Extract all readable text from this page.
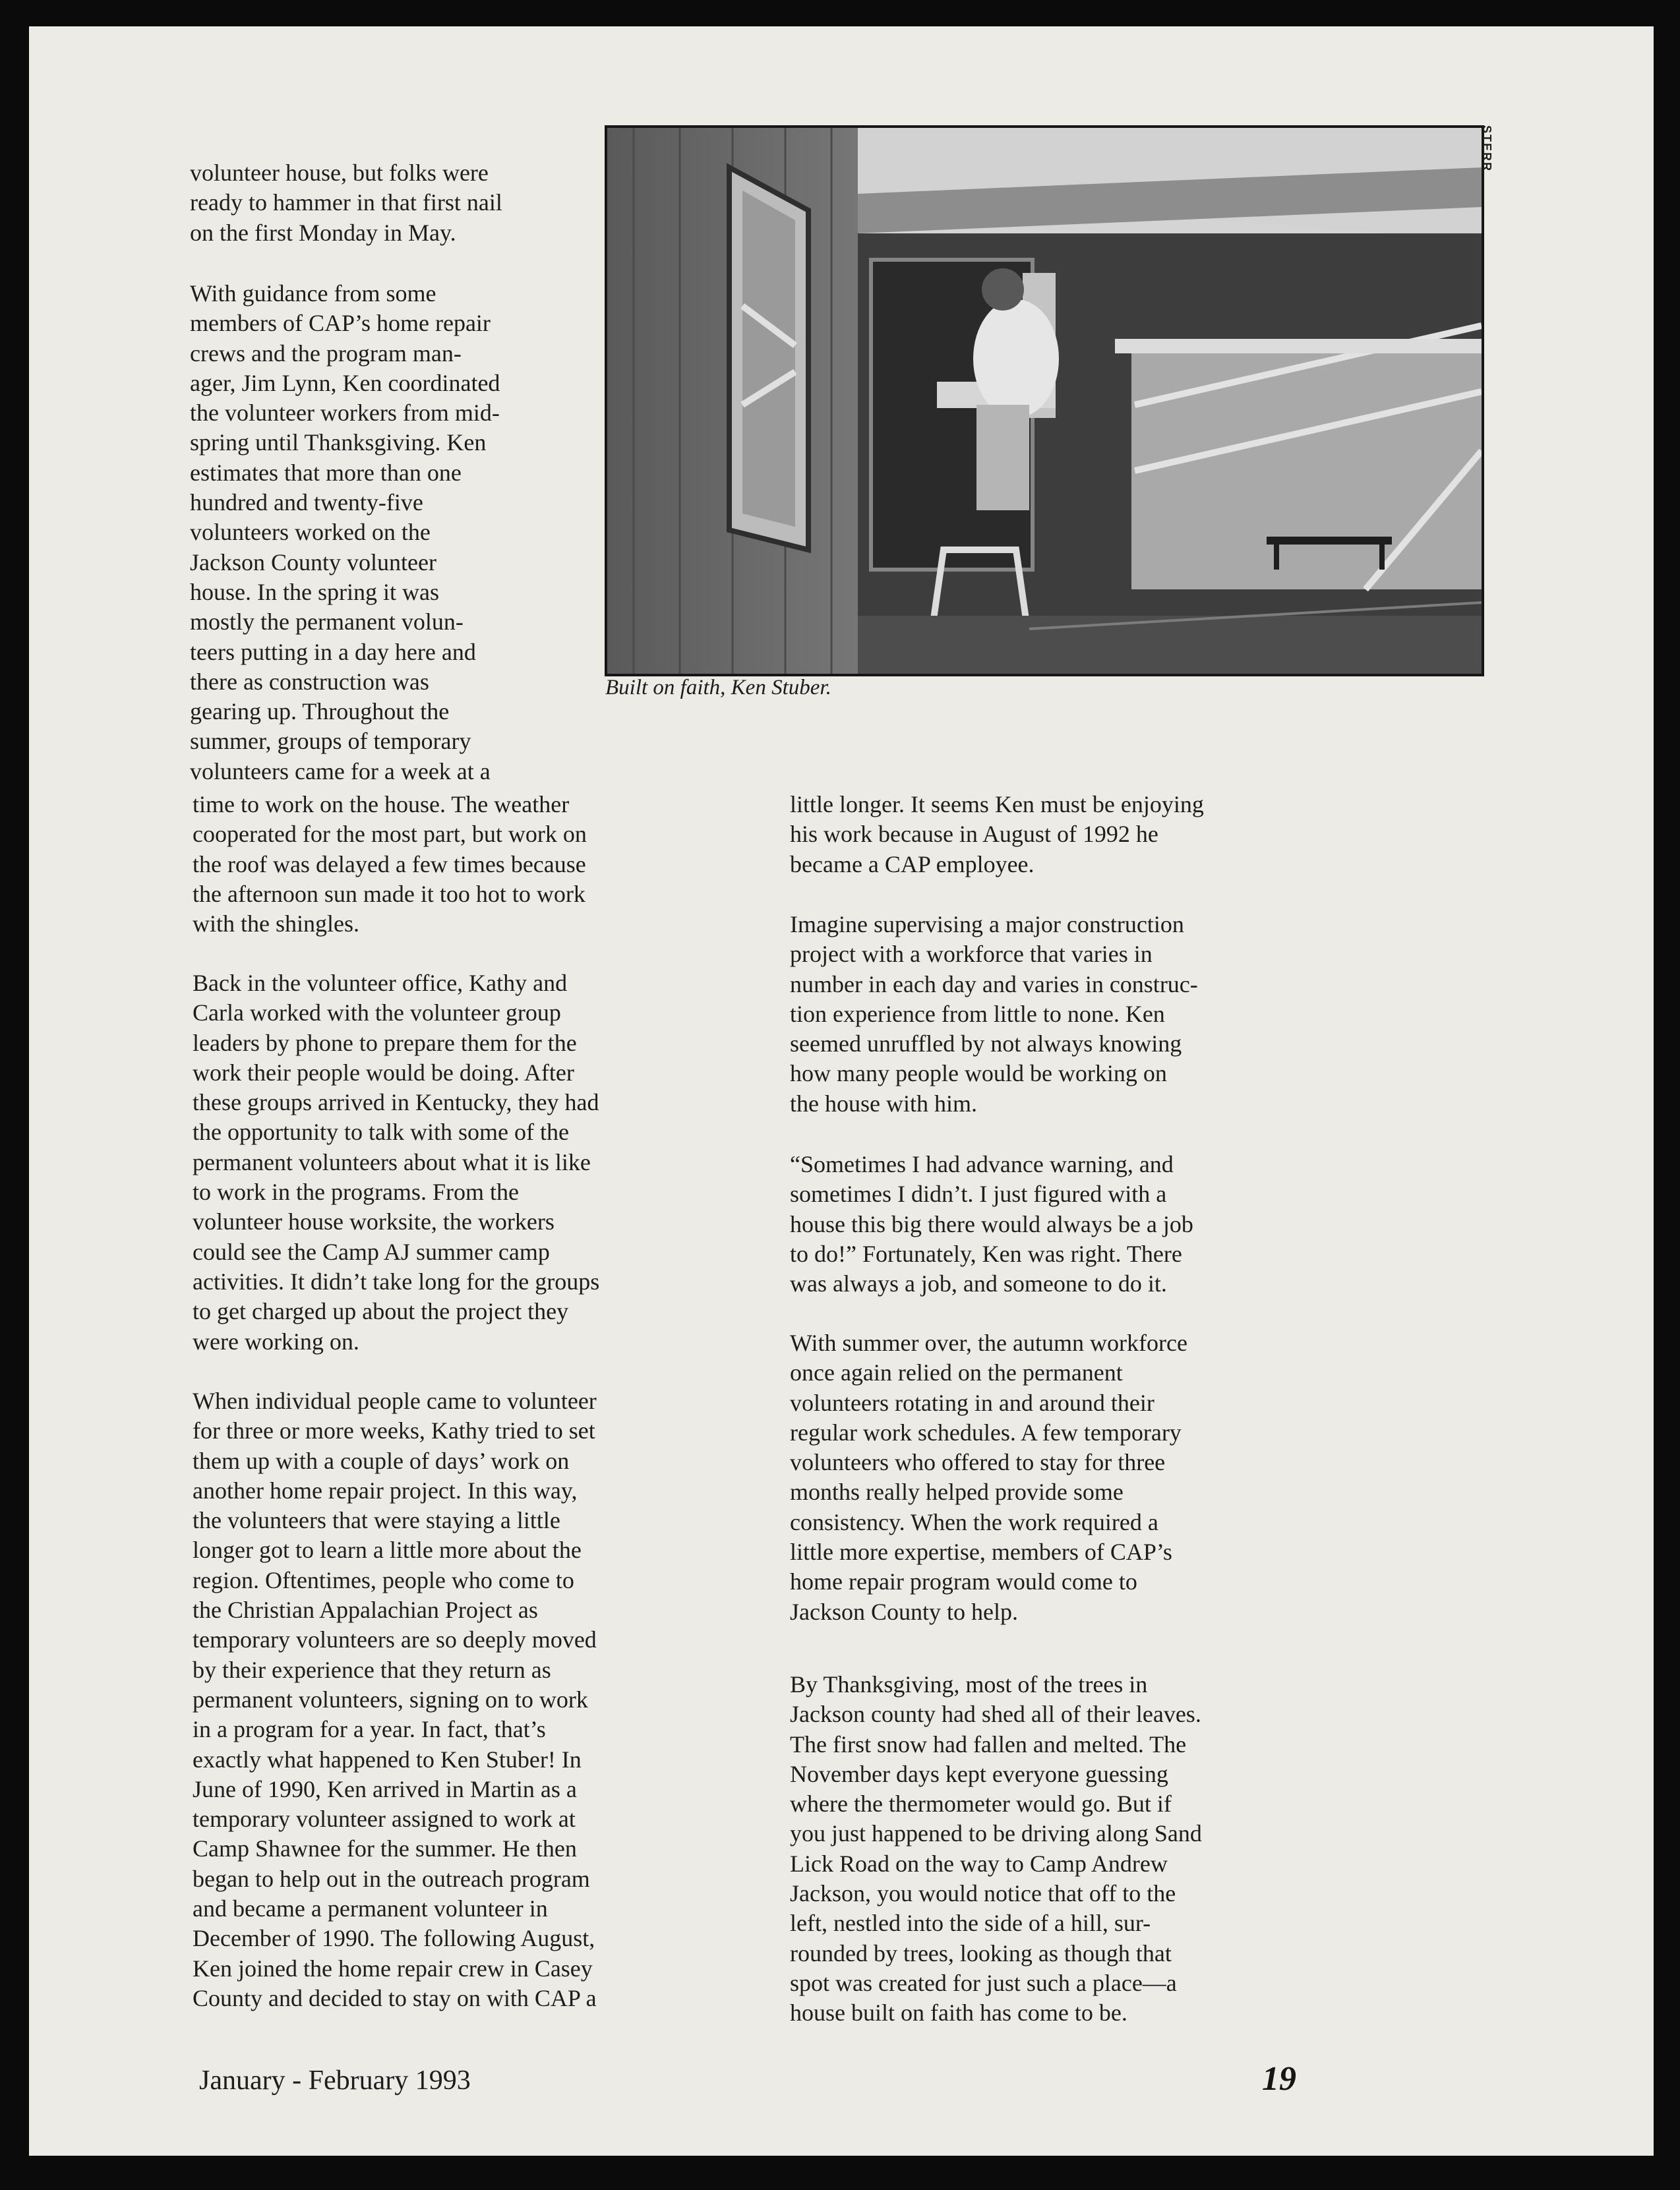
volunteer house, but folks were
ready to hammer in that first nail
on the first Monday in May.

With guidance from some
members of CAP’s home repair
crews and the program man-
ager, Jim Lynn, Ken coordinated
the volunteer workers from mid-
spring until Thanksgiving. Ken
estimates that more than one
hundred and twenty-five
volunteers worked on the
Jackson County volunteer
house. In the spring it was
mostly the permanent volun-
teers putting in a day here and
there as construction was
gearing up. Throughout the
summer, groups of temporary
volunteers came for a week at a

time to work on the house. The weather
cooperated for the most part, but work on
the roof was delayed a few times because
the afternoon sun made it too hot to work
with the shingles.

Back in the volunteer office, Kathy and
Carla worked with the volunteer group
leaders by phone to prepare them for the
work their people would be doing. After
these groups arrived in Kentucky, they had
the opportunity to talk with some of the
permanent volunteers about what it is like
to work in the programs. From the
volunteer house worksite, the workers
could see the Camp AJ summer camp
activities. It didn’t take long for the groups
to get charged up about the project they
were working on.

When individual people came to volunteer
for three or more weeks, Kathy tried to set
them up with a couple of days’ work on
another home repair project. In this way,
the volunteers that were staying a little
longer got to learn a little more about the
region. Oftentimes, people who come to
the Christian Appalachian Project as
temporary volunteers are so deeply moved
by their experience that they return as
permanent volunteers, signing on to work
in a program for a year. In fact, that’s
exactly what happened to Ken Stuber! In
June of 1990, Ken arrived in Martin as a
temporary volunteer assigned to work at
Camp Shawnee for the summer. He then
began to help out in the outreach program
and became a permanent volunteer in
December of 1990. The following August,
Ken joined the home repair crew in Casey
County and decided to stay on with CAP a

STERR

Built on faith, Ken Stuber.

little longer. It seems Ken must be enjoying
his work because in August of 1992 he
became a CAP employee.

Imagine supervising a major construction
project with a workforce that varies in
number in each day and varies in construc-
tion experience from little to none. Ken
seemed unruffled by not always knowing
how many people would be working on
the house with him.

“Sometimes I had advance warning, and
sometimes I didn’t. I just figured with a
house this big there would always be a job
to do!” Fortunately, Ken was right. There
was always a job, and someone to do it.

With summer over, the autumn workforce
once again relied on the permanent
volunteers rotating in and around their
regular work schedules. A few temporary
volunteers who offered to stay for three
months really helped provide some
consistency. When the work required a
little more expertise, members of CAP’s
home repair program would come to
Jackson County to help.

By Thanksgiving, most of the trees in
Jackson county had shed all of their leaves.
The first snow had fallen and melted. The
November days kept everyone guessing
where the thermometer would go. But if
you just happened to be driving along Sand
Lick Road on the way to Camp Andrew
Jackson, you would notice that off to the
left, nestled into the side of a hill, sur-
rounded by trees, looking as though that
spot was created for just such a place—a
house built on faith has come to be.

January - February 1993	19
